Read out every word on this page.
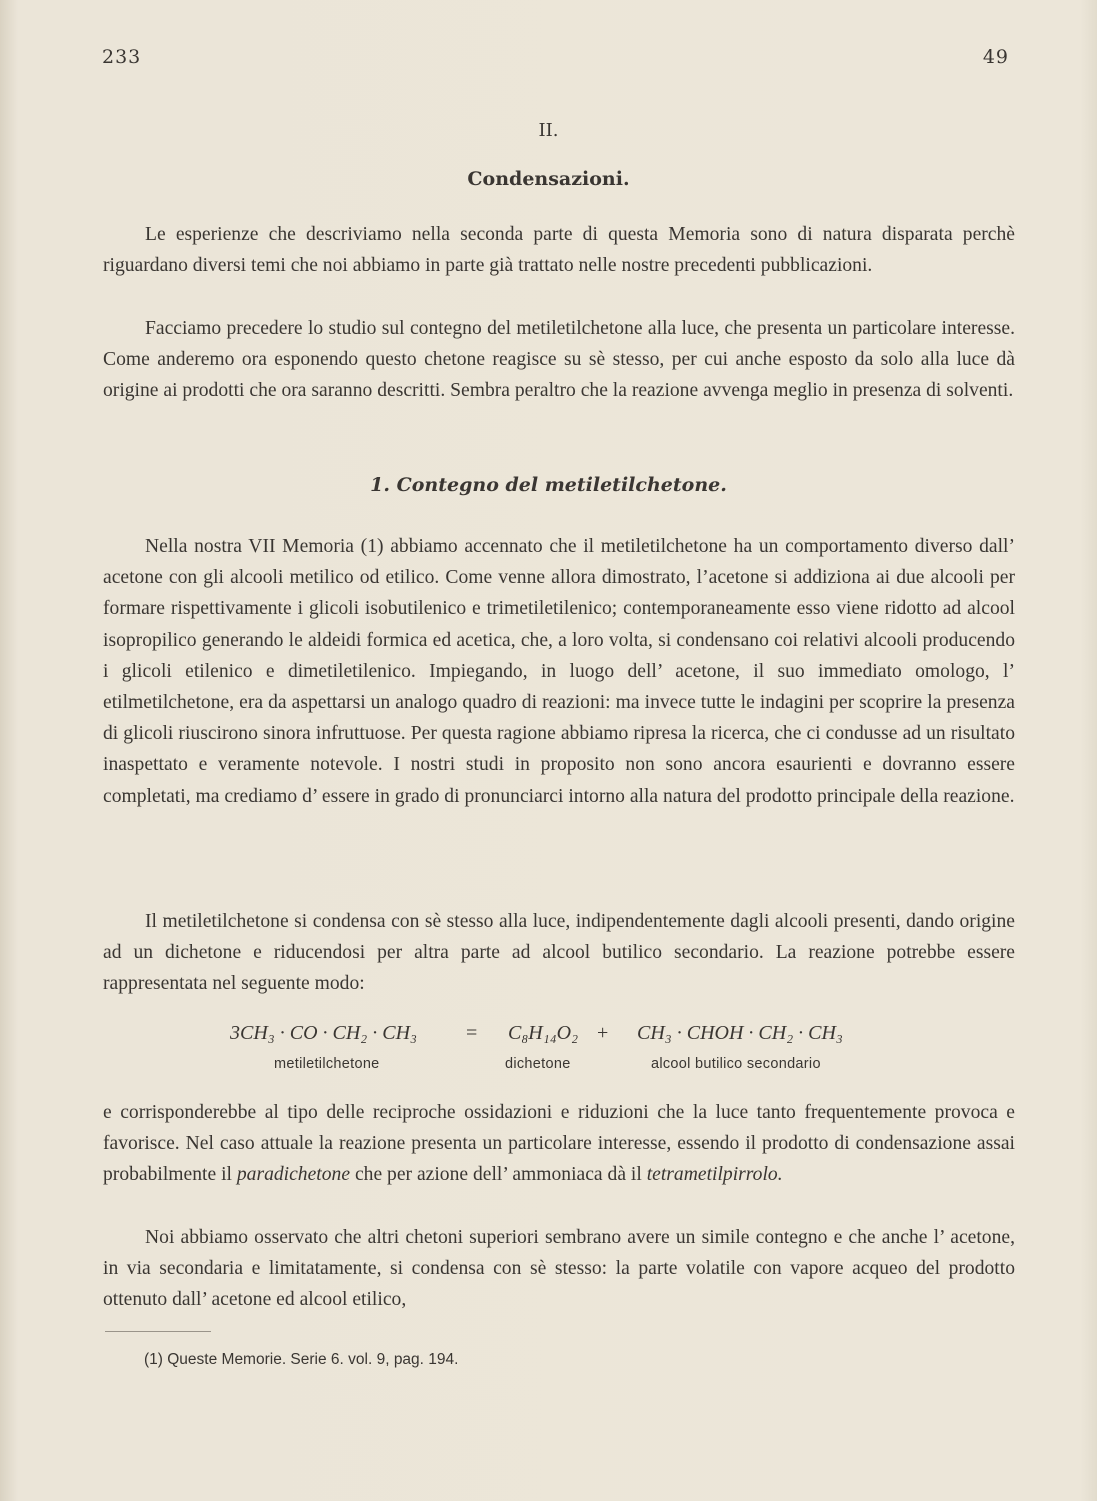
233	49
II.
Condensazioni.

Le esperienze che descriviamo nella seconda parte di questa Memoria sono di natura disparata perchè riguardano diversi temi che noi abbiamo in parte già trattato nelle nostre precedenti pubblicazioni.

Facciamo precedere lo studio sul contegno del metiletilchetone alla luce, che presenta un particolare interesse. Come anderemo ora esponendo questo chetone reagisce su sè stesso, per cui anche esposto da solo alla luce dà origine ai prodotti che ora saranno descritti. Sembra peraltro che la reazione avvenga meglio in presenza di solventi.

1. Contegno del metiletilchetone.

Nella nostra VII Memoria (1) abbiamo accennato che il metiletilchetone ha un comportamento diverso dall’ acetone con gli alcooli metilico od etilico. Come venne allora dimostrato, l’acetone si addiziona ai due alcooli per formare rispettivamente i glicoli isobutilenico e trimetiletilenico; contemporaneamente esso viene ridotto ad alcool isopropilico generando le aldeidi formica ed acetica, che, a loro volta, si condensano coi relativi alcooli producendo i glicoli etilenico e dimetiletilenico. Impiegando, in luogo dell’ acetone, il suo immediato omologo, l’ etilmetilchetone, era da aspettarsi un analogo quadro di reazioni: ma invece tutte le indagini per scoprire la presenza di glicoli riuscirono sinora infruttuose. Per questa ragione abbiamo ripresa la ricerca, che ci condusse ad un risultato inaspettato e veramente notevole. I nostri studi in proposito non sono ancora esaurienti e dovranno essere completati, ma crediamo d’ essere in grado di pronunciarci intorno alla natura del prodotto principale della reazione.

Il metiletilchetone si condensa con sè stesso alla luce, indipendentemente dagli alcooli presenti, dando origine ad un dichetone e riducendosi per altra parte ad alcool butilico secondario. La reazione potrebbe essere rappresentata nel seguente modo:

3CH₃ · CO · CH₂ · CH₃ = C₈H₁₄O₂ + CH₃ · CHOH · CH₂ · CH₃
metiletilchetone	dichetone	alcool butilico secondario

e corrisponderebbe al tipo delle reciproche ossidazioni e riduzioni che la luce tanto frequentemente provoca e favorisce. Nel caso attuale la reazione presenta un particolare interesse, essendo il prodotto di condensazione assai probabilmente il paradichetone che per azione dell’ ammoniaca dà il tetrametilpirrolo.

Noi abbiamo osservato che altri chetoni superiori sembrano avere un simile contegno e che anche l’ acetone, in via secondaria e limitatamente, si condensa con sè stesso: la parte volatile con vapore acqueo del prodotto ottenuto dall’ acetone ed alcool etilico,

(1) Queste Memorie. Serie 6. vol. 9, pag. 194.
